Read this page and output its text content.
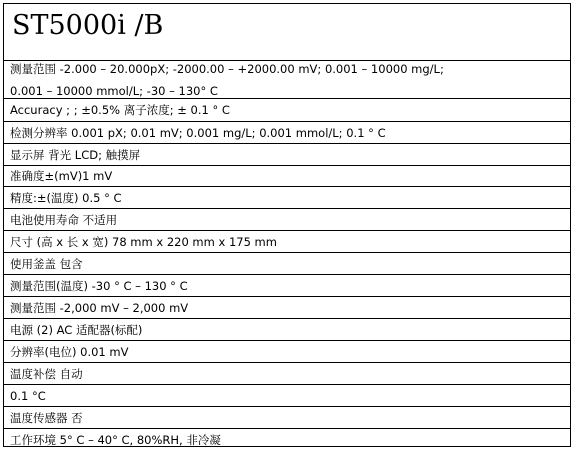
ST5000i /B
测量范围 -2.000 – 20.000pX; -2000.00 – +2000.00 mV; 0.001 – 10000 mg/L;
0.001 – 10000 mmol/L; -30 – 130° C
Accuracy ; ; ±0.5% 离子浓度; ± 0.1 ° C
检测分辨率 0.001 pX; 0.01 mV; 0.001 mg/L; 0.001 mmol/L; 0.1 ° C
显示屏 背光 LCD; 触摸屏
准确度±(mV)1 mV
精度:±(温度) 0.5 ° C
电池使用寿命 不适用
尺寸 (高 x 长 x 宽) 78 mm x 220 mm x 175 mm
使用釜盖 包含
测量范围(温度) -30 ° C – 130 ° C
测量范围 -2,000 mV – 2,000 mV
电源 (2) AC 适配器(标配)
分辨率(电位) 0.01 mV
温度补偿 自动
0.1 °C
温度传感器 否
工作环境 5° C – 40° C, 80%RH, 非冷凝
